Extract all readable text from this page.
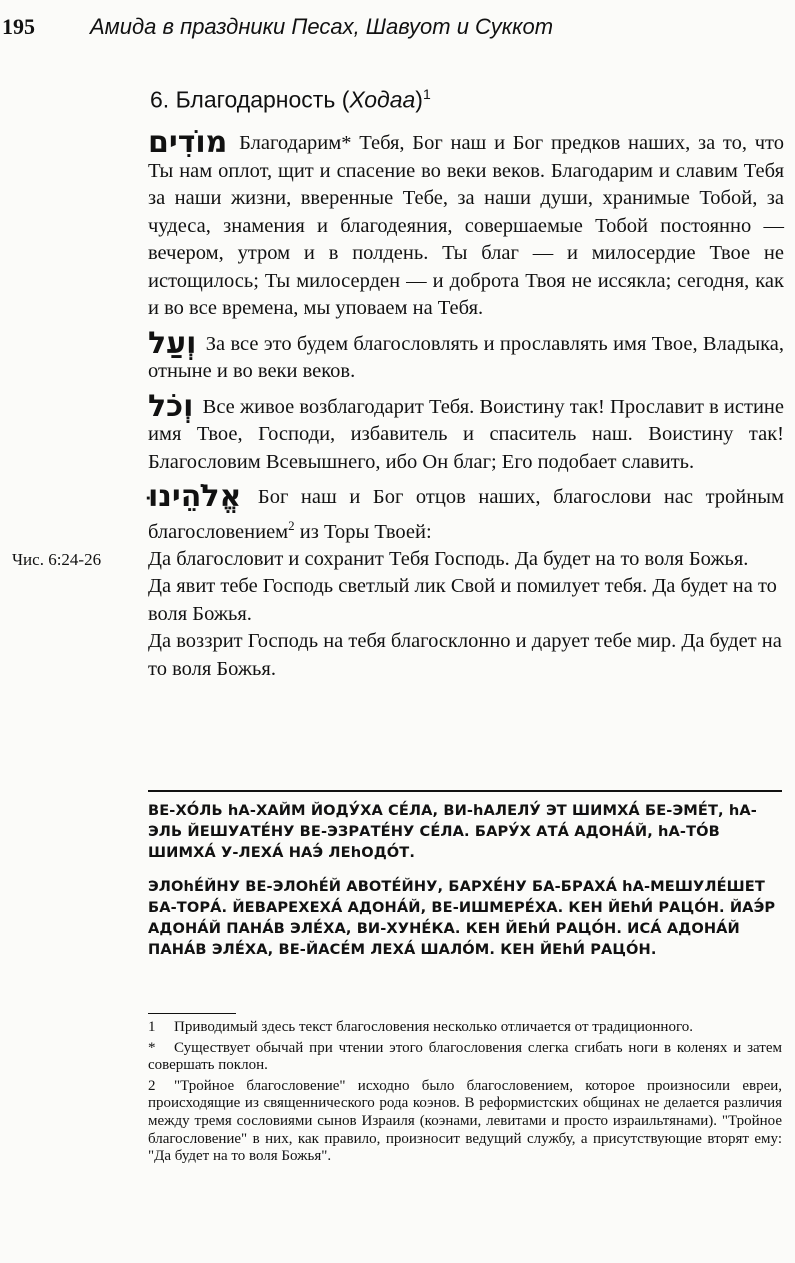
195	Амида в праздники Песах, Шавуот и Суккот
6. Благодарность (Ходаа)$^1$

מוֹדִים Благодарим* Тебя, Бог наш и Бог предков наших, за то, что Ты нам оплот, щит и спасение во веки веков. Благодарим и славим Тебя за наши жизни, вверенные Тебе, за наши души, хранимые Тобой, за чудеса, знамения и благодеяния, совершаемые Тобой постоянно — вечером, утром и в полдень. Ты благ — и милосердие Твое не истощилось; Ты милосерден — и доброта Твоя не иссякла; сегодня, как и во все времена, мы уповаем на Тебя.

וְעַל За все это будем благословлять и прославлять имя Твое, Владыка, отныне и во веки веков.

וְכֹל Все живое возблагодарит Тебя. Воистину так! Прославит в истине имя Твое, Господи, избавитель и спаситель наш. Воистину так! Благословим Всевышнего, ибо Он благ; Его подобает славить.

אֱלֹהֵינוּ Бог наш и Бог отцов наших, благослови нас тройным благословением$^2$ из Торы Твоей:

Чис. 6:24-26 Да благословит и сохранит Тебя Господь. Да будет на то воля Божья.

Да явит тебе Господь светлый лик Свой и помилует тебя. Да будет на то воля Божья.

Да воззрит Господь на тебя благосклонно и дарует тебе мир. Да будет на то воля Божья.

ВЕ-ХО́ЛЬ һА-ХАЙМ ЙОДУ́ХА СЕ́ЛА, ВИ-һАЛЕЛУ́ ЭТ ШИМХА́ БЕ-ЭМЕ́Т, һА-ЭЛЬ ЙЕШУАТЕ́НУ ВЕ-ЭЗРАТЕ́НУ СЕ́ЛА. БАРУ́Х АТА́ АДОНА́Й, һА-ТО́В ШИМХА́ У-ЛЕХА́ НАЭ́ ЛЕһОДО́Т.

ЭЛОһЕ́ЙНУ ВЕ-ЭЛОһЕ́Й АВОТЕ́ЙНУ, БАРХЕ́НУ БА-БРАХА́ һА-МЕШУЛЕ́ШЕТ БА-ТОРА́. ЙЕВАРЕХЕХА́ АДОНА́Й, ВЕ-ИШМЕРЕ́ХА. КЕН ЙЕһИ́ РАЦО́Н. ЙАЭ́Р АДОНА́Й ПАНА́В ЭЛЕ́ХА, ВИ-ХУНЕ́КА. КЕН ЙЕһИ́ РАЦО́Н. ИСА́ АДОНА́Й ПАНА́В ЭЛЕ́ХА, ВЕ-ЙАСЕ́М ЛЕХА́ ШАЛО́М. КЕН ЙЕһИ́ РАЦО́Н.

1 Приводимый здесь текст благословения несколько отличается от традиционного.

* Существует обычай при чтении этого благословения слегка сгибать ноги в коленях и затем совершать поклон.

2 "Тройное благословение" исходно было благословением, которое произносили евреи, происходящие из священнического рода коэнов. В реформистских общинах не делается различия между тремя сословиями сынов Израиля (коэнами, левитами и просто израильтянами). "Тройное благословение" в них, как правило, произносит ведущий службу, а присутствующие вторят ему: "Да будет на то воля Божья".
